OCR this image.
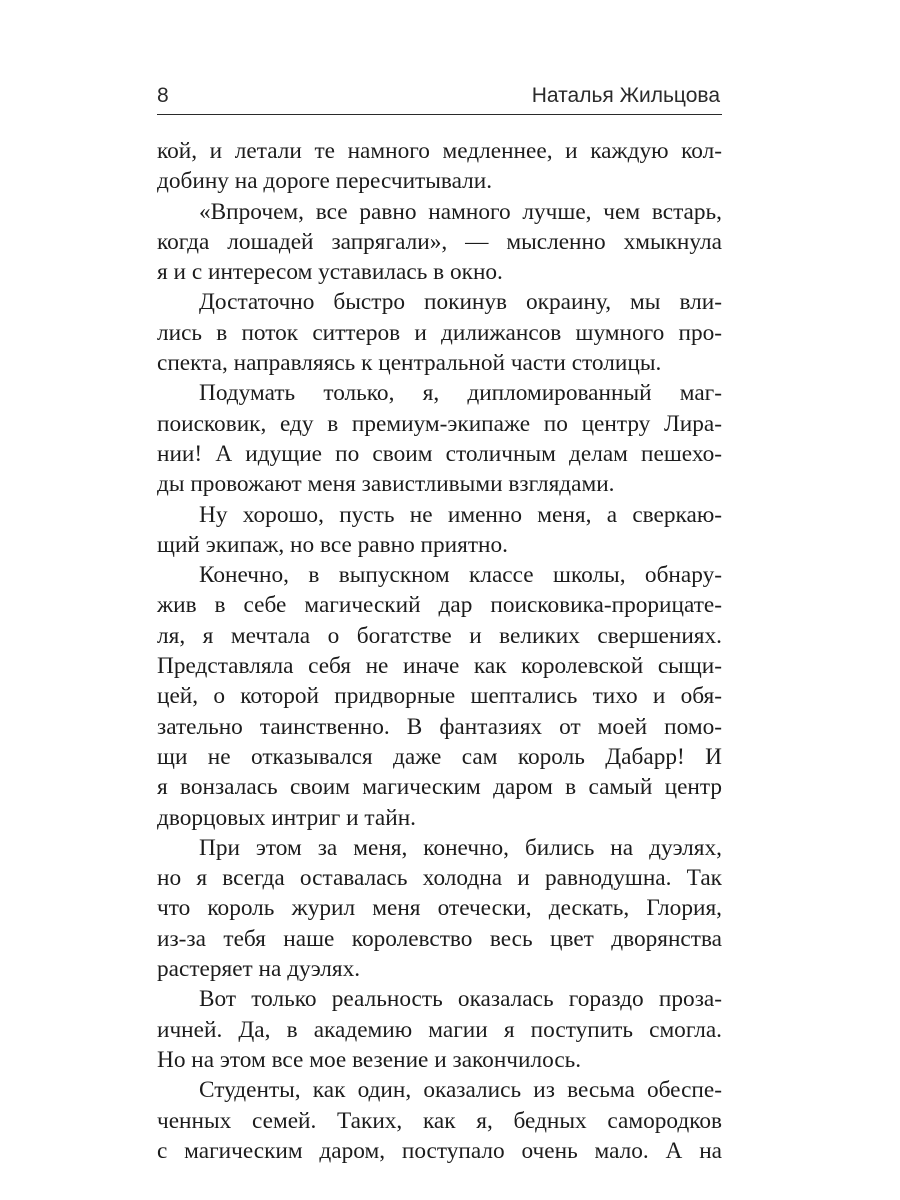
8	Наталья Жильцова
кой, и летали те намного медленнее, и каждую кол-
добину на дороге пересчитывали.
«Впрочем, все равно намного лучше, чем встарь,
когда лошадей запрягали», — мысленно хмыкнула
я и с интересом уставилась в окно.
Достаточно быстро покинув окраину, мы вли-
лись в поток ситтеров и дилижансов шумного про-
спекта, направляясь к центральной части столицы.
Подумать только, я, дипломированный маг-
поисковик, еду в премиум-экипаже по центру Лира-
нии! А идущие по своим столичным делам пешехо-
ды провожают меня завистливыми взглядами.
Ну хорошо, пусть не именно меня, а сверкаю-
щий экипаж, но все равно приятно.
Конечно, в выпускном классе школы, обнару-
жив в себе магический дар поисковика-прорицате-
ля, я мечтала о богатстве и великих свершениях.
Представляла себя не иначе как королевской сыщи-
цей, о которой придворные шептались тихо и обя-
зательно таинственно. В фантазиях от моей помо-
щи не отказывался даже сам король Дабарр! И
я вонзалась своим магическим даром в самый центр
дворцовых интриг и тайн.
При этом за меня, конечно, бились на дуэлях,
но я всегда оставалась холодна и равнодушна. Так
что король журил меня отечески, дескать, Глория,
из-за тебя наше королевство весь цвет дворянства
растеряет на дуэлях.
Вот только реальность оказалась гораздо проза-
ичней. Да, в академию магии я поступить смогла.
Но на этом все мое везение и закончилось.
Студенты, как один, оказались из весьма обеспе-
ченных семей. Таких, как я, бедных самородков
с магическим даром, поступало очень мало. А на
